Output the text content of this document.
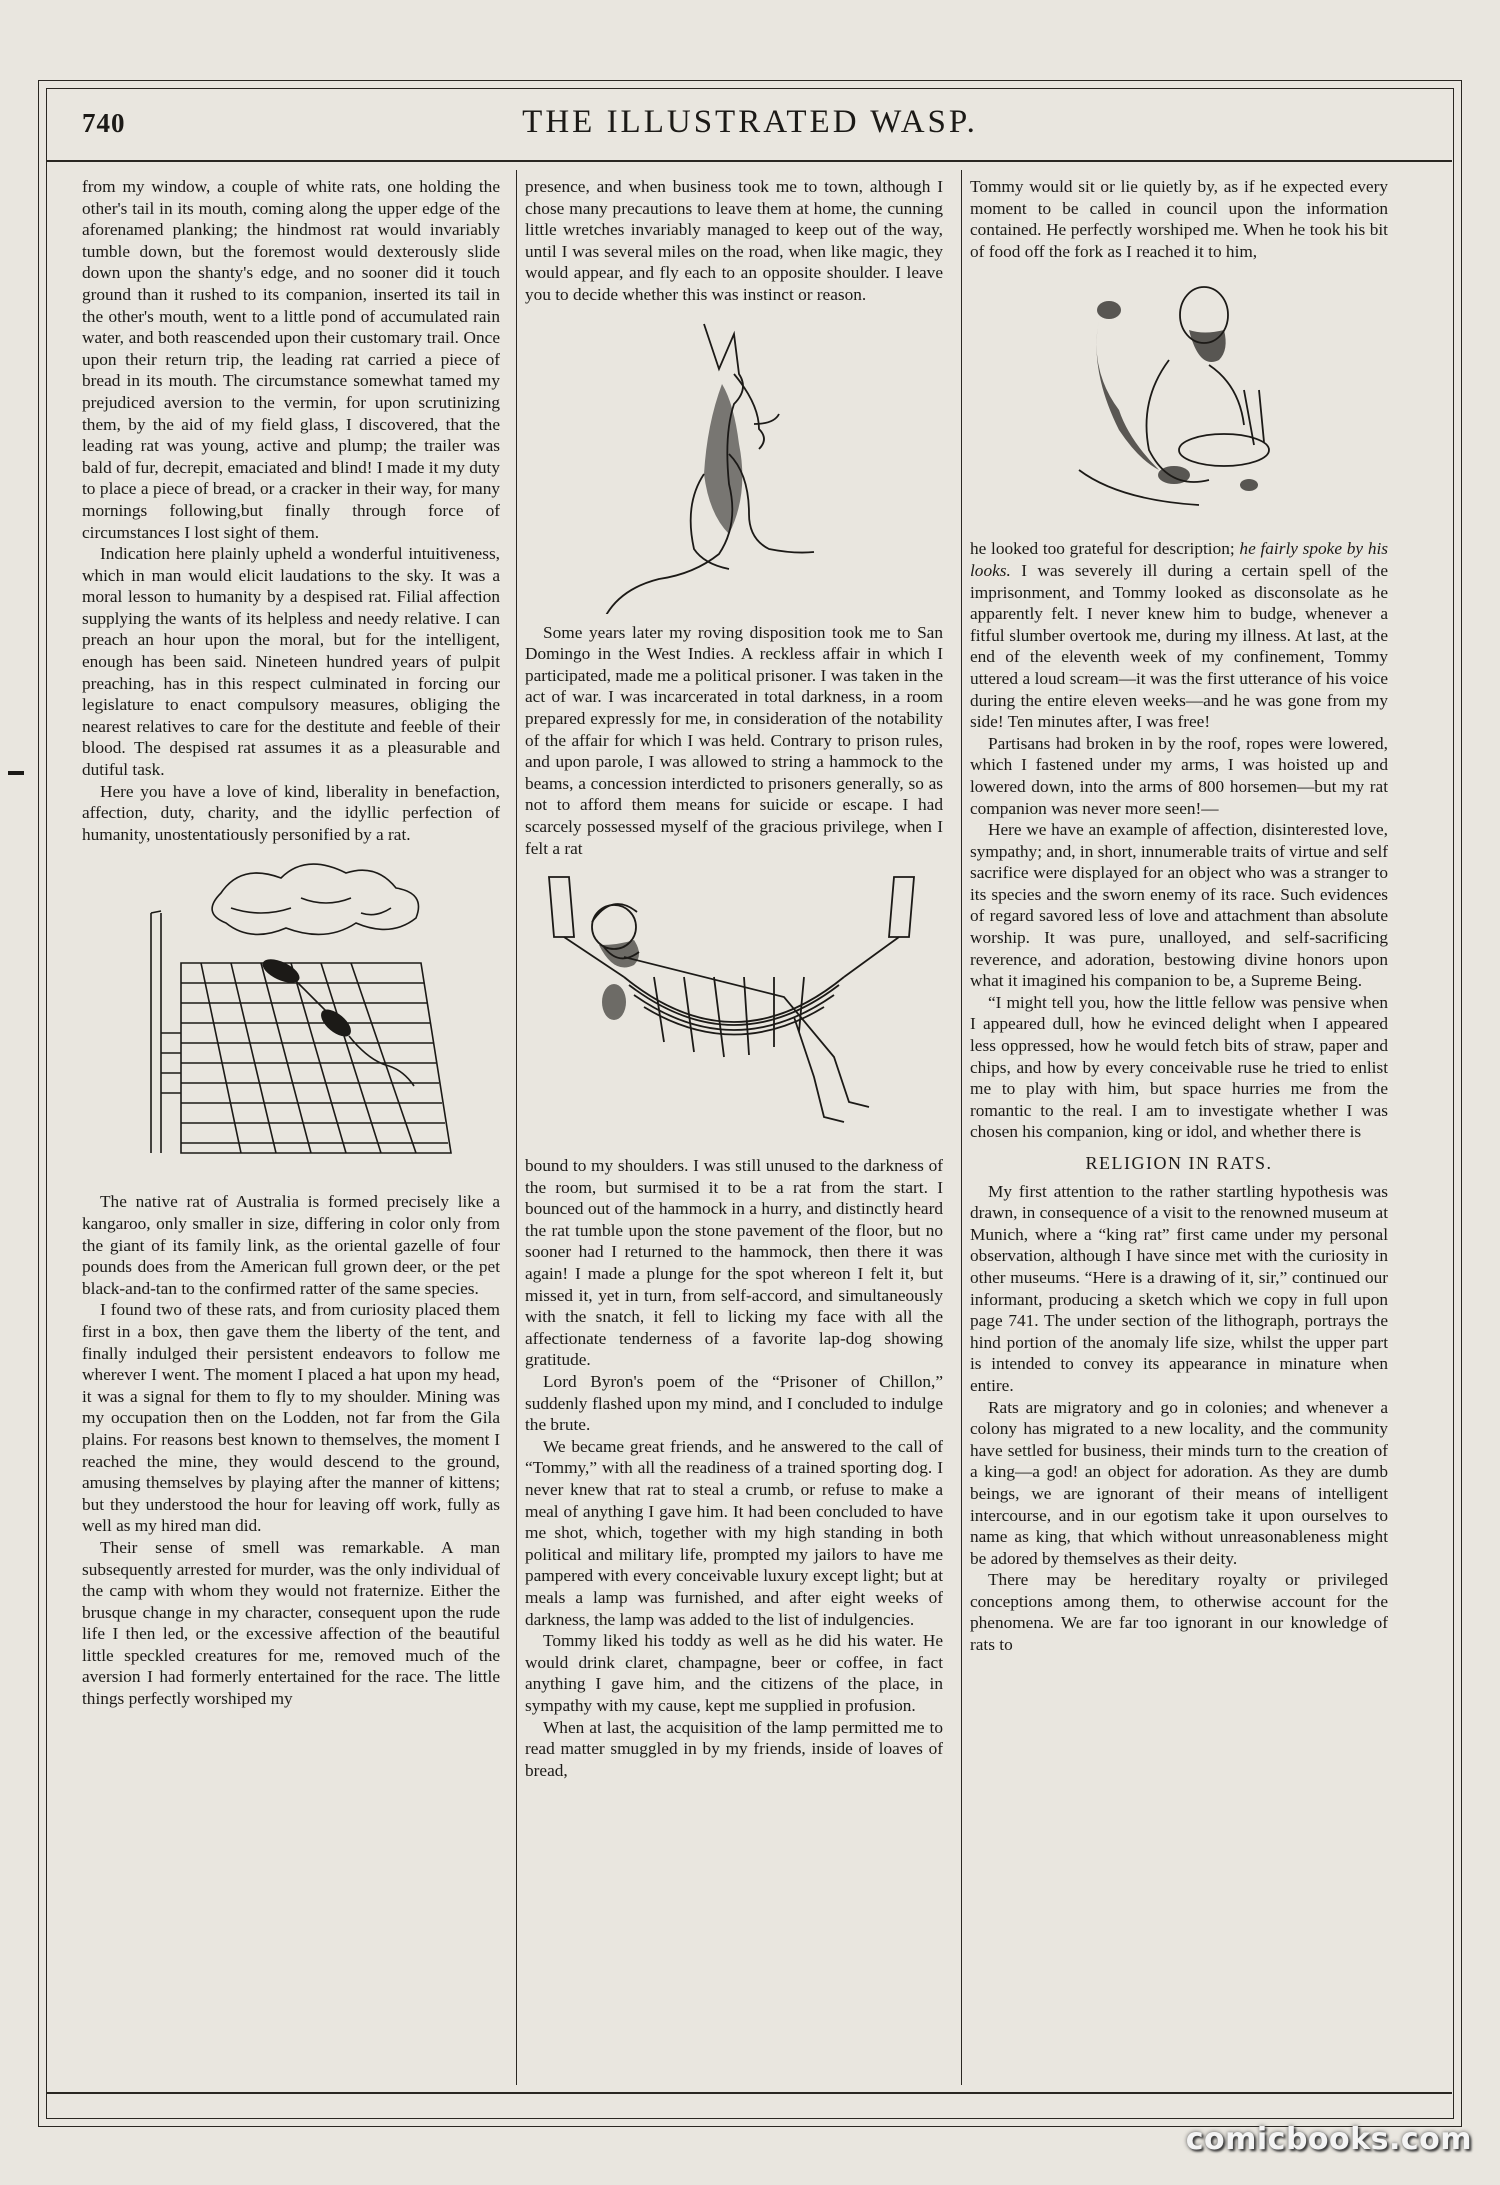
740	THE ILLUSTRATED WASP.

from my window, a couple of white rats, one holding the other's tail in its mouth, coming along the upper edge of the aforenamed planking; the hindmost rat would invariably tumble down, but the foremost would dexterously slide down upon the shanty's edge, and no sooner did it touch ground than it rushed to its companion, inserted its tail in the other's mouth, went to a little pond of accumulated rain water, and both reascended upon their customary trail. Once upon their return trip, the leading rat carried a piece of bread in its mouth. The circumstance somewhat tamed my prejudiced aversion to the vermin, for upon scrutinizing them, by the aid of my field glass, I discovered, that the leading rat was young, active and plump; the trailer was bald of fur, decrepit, emaciated and blind! I made it my duty to place a piece of bread, or a cracker in their way, for many mornings following,but finally through force of circumstances I lost sight of them.

Indication here plainly upheld a wonderful intuitiveness, which in man would elicit laudations to the sky. It was a moral lesson to humanity by a despised rat. Filial affection supplying the wants of its helpless and needy relative. I can preach an hour upon the moral, but for the intelligent, enough has been said. Nineteen hundred years of pulpit preaching, has in this respect culminated in forcing our legislature to enact compulsory measures, obliging the nearest relatives to care for the destitute and feeble of their blood. The despised rat assumes it as a pleasurable and dutiful task.

Here you have a love of kind, liberality in benefaction, affection, duty, charity, and the idyllic perfection of humanity, unostentatiously personified by a rat.

The native rat of Australia is formed precisely like a kangaroo, only smaller in size, differing in color only from the giant of its family link, as the oriental gazelle of four pounds does from the American full grown deer, or the pet black-and-tan to the confirmed ratter of the same species.

I found two of these rats, and from curiosity placed them first in a box, then gave them the liberty of the tent, and finally indulged their persistent endeavors to follow me wherever I went. The moment I placed a hat upon my head, it was a signal for them to fly to my shoulder. Mining was my occupation then on the Lodden, not far from the Gila plains. For reasons best known to themselves, the moment I reached the mine, they would descend to the ground, amusing themselves by playing after the manner of kittens; but they understood the hour for leaving off work, fully as well as my hired man did.

Their sense of smell was remarkable. A man subsequently arrested for murder, was the only individual of the camp with whom they would not fraternize. Either the brusque change in my character, consequent upon the rude life I then led, or the excessive affection of the beautiful little speckled creatures for me, removed much of the aversion I had formerly entertained for the race. The little things perfectly worshiped my

presence, and when business took me to town, although I chose many precautions to leave them at home, the cunning little wretches invariably managed to keep out of the way, until I was several miles on the road, when like magic, they would appear, and fly each to an opposite shoulder. I leave you to decide whether this was instinct or reason.

Some years later my roving disposition took me to San Domingo in the West Indies. A reckless affair in which I participated, made me a political prisoner. I was taken in the act of war. I was incarcerated in total darkness, in a room prepared expressly for me, in consideration of the notability of the affair for which I was held. Contrary to prison rules, and upon parole, I was allowed to string a hammock to the beams, a concession interdicted to prisoners generally, so as not to afford them means for suicide or escape. I had scarcely possessed myself of the gracious privilege, when I felt a rat

bound to my shoulders. I was still unused to the darkness of the room, but surmised it to be a rat from the start. I bounced out of the hammock in a hurry, and distinctly heard the rat tumble upon the stone pavement of the floor, but no sooner had I returned to the hammock, then there it was again! I made a plunge for the spot whereon I felt it, but missed it, yet in turn, from self-accord, and simultaneously with the snatch, it fell to licking my face with all the affectionate tenderness of a favorite lap-dog showing gratitude.

Lord Byron's poem of the “Prisoner of Chillon,” suddenly flashed upon my mind, and I concluded to indulge the brute.

We became great friends, and he answered to the call of “Tommy,” with all the readiness of a trained sporting dog. I never knew that rat to steal a crumb, or refuse to make a meal of anything I gave him. It had been concluded to have me shot, which, together with my high standing in both political and military life, prompted my jailors to have me pampered with every conceivable luxury except light; but at meals a lamp was furnished, and after eight weeks of darkness, the lamp was added to the list of indulgencies.

Tommy liked his toddy as well as he did his water. He would drink claret, champagne, beer or coffee, in fact anything I gave him, and the citizens of the place, in sympathy with my cause, kept me supplied in profusion.

When at last, the acquisition of the lamp permitted me to read matter smuggled in by my friends, inside of loaves of bread,

Tommy would sit or lie quietly by, as if he expected every moment to be called in council upon the information contained. He perfectly worshiped me. When he took his bit of food off the fork as I reached it to him,

he looked too grateful for description; he fairly spoke by his looks. I was severely ill during a certain spell of the imprisonment, and Tommy looked as disconsolate as he apparently felt. I never knew him to budge, whenever a fitful slumber overtook me, during my illness. At last, at the end of the eleventh week of my confinement, Tommy uttered a loud scream—it was the first utterance of his voice during the entire eleven weeks—and he was gone from my side! Ten minutes after, I was free!

Partisans had broken in by the roof, ropes were lowered, which I fastened under my arms, I was hoisted up and lowered down, into the arms of 800 horsemen—but my rat companion was never more seen!—

Here we have an example of affection, disinterested love, sympathy; and, in short, innumerable traits of virtue and self sacrifice were displayed for an object who was a stranger to its species and the sworn enemy of its race. Such evidences of regard savored less of love and attachment than absolute worship. It was pure, unalloyed, and self-sacrificing reverence, and adoration, bestowing divine honors upon what it imagined his companion to be, a Supreme Being.

“I might tell you, how the little fellow was pensive when I appeared dull, how he evinced delight when I appeared less oppressed, how he would fetch bits of straw, paper and chips, and how by every conceivable ruse he tried to enlist me to play with him, but space hurries me from the romantic to the real. I am to investigate whether I was chosen his companion, king or idol, and whether there is

RELIGION IN RATS.

My first attention to the rather startling hypothesis was drawn, in consequence of a visit to the renowned museum at Munich, where a “king rat” first came under my personal observation, although I have since met with the curiosity in other museums. “Here is a drawing of it, sir,” continued our informant, producing a sketch which we copy in full upon page 741. The under section of the lithograph, portrays the hind portion of the anomaly life size, whilst the upper part is intended to convey its appearance in minature when entire.

Rats are migratory and go in colonies; and whenever a colony has migrated to a new locality, and the community have settled for business, their minds turn to the creation of a king—a god! an object for adoration. As they are dumb beings, we are ignorant of their means of intelligent intercourse, and in our egotism take it upon ourselves to name as king, that which without unreasonableness might be adored by themselves as their deity.

There may be hereditary royalty or privileged conceptions among them, to otherwise account for the phenomena. We are far too ignorant in our knowledge of rats to

comicbooks.com
